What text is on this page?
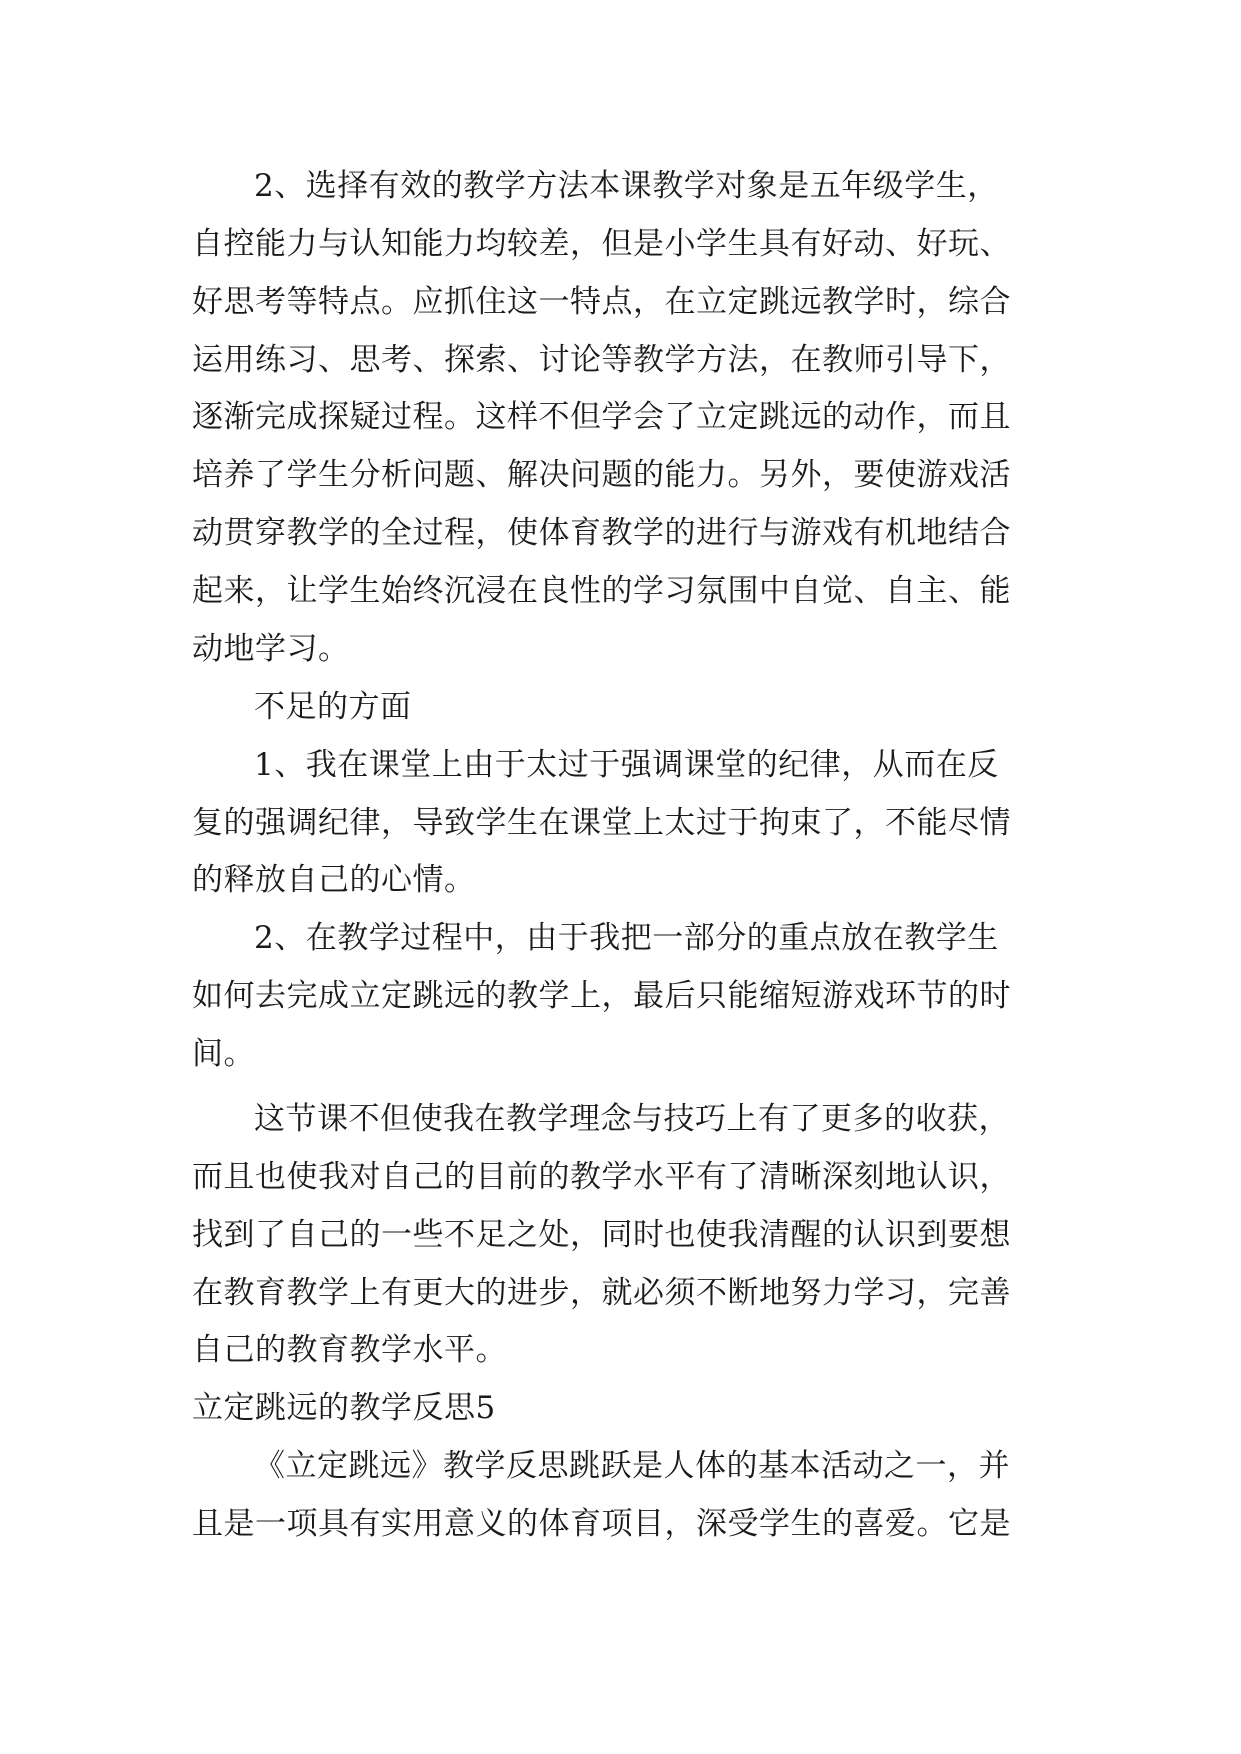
2、选择有效的教学方法本课教学对象是五年级学生，
自控能力与认知能力均较差，但是小学生具有好动、好玩、
好思考等特点。应抓住这一特点，在立定跳远教学时，综合
运用练习、思考、探索、讨论等教学方法，在教师引导下，
逐渐完成探疑过程。这样不但学会了立定跳远的动作，而且
培养了学生分析问题、解决问题的能力。另外，要使游戏活
动贯穿教学的全过程，使体育教学的进行与游戏有机地结合
起来，让学生始终沉浸在良性的学习氛围中自觉、自主、能
动地学习。
不足的方面
1、我在课堂上由于太过于强调课堂的纪律，从而在反
复的强调纪律，导致学生在课堂上太过于拘束了，不能尽情
的释放自己的心情。
2、在教学过程中，由于我把一部分的重点放在教学生
如何去完成立定跳远的教学上，最后只能缩短游戏环节的时
间。
这节课不但使我在教学理念与技巧上有了更多的收获，
而且也使我对自己的目前的教学水平有了清晰深刻地认识，
找到了自己的一些不足之处，同时也使我清醒的认识到要想
在教育教学上有更大的进步，就必须不断地努力学习，完善
自己的教育教学水平。
立定跳远的教学反思5
《立定跳远》教学反思跳跃是人体的基本活动之一，并
且是一项具有实用意义的体育项目，深受学生的喜爱。它是
